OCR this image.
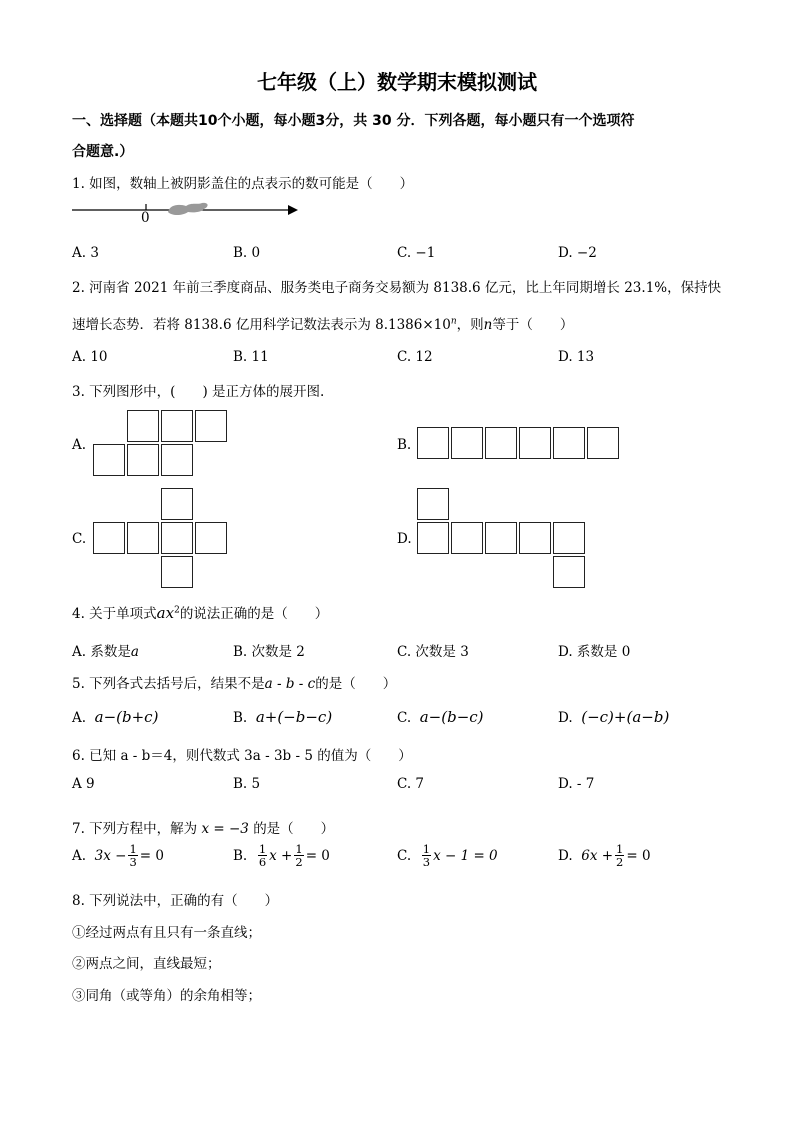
七年级（上）数学期末模拟测试
一、选择题（本题共10个小题，每小题3分，共 30 分．下列各题，每小题只有一个选项符
合题意.）
1. 如图，数轴上被阴影盖住的点表示的数可能是（　　）
0
A. 3	B. 0	C. −1	D. −2
2. 河南省 2021 年前三季度商品、服务类电子商务交易额为 8138.6 亿元，比上年同期增长 23.1%，保持快
速增长态势．若将 8138.6 亿用科学记数法表示为 $8.1386\times 10^n$，则n等于（　　）
A. 10	B. 11	C. 12	D. 13
3. 下列图形中，(　　) 是正方体的展开图.
A.	B.
C.	D.
4. 关于单项式$ax^2$的说法正确的是（　　）
A. 系数是a	B. 次数是 2	C. 次数是 3	D. 系数是 0
5. 下列各式去括号后，结果不是a - b - c的是（　　）
A. a−(b+c)	B. a+(−b−c)	C. a−(b−c)	D. (−c)+(a−b)
6. 已知 a - b＝4，则代数式 3a - 3b - 5 的值为（　　）
A 9	B. 5	C. 7	D. - 7
7. 下列方程中，解为 x = −3 的是（　　）
A.
$3x - \frac{1}{3} = 0$	B.
$\frac{1}{6}$ $x + \frac{1}{2} = 0$	C.
$\frac{1}{3}$ x − 1 = 0	D.
$6x + \frac{1}{2} = 0$
8. 下列说法中，正确的有（　　）
①经过两点有且只有一条直线；
②两点之间，直线最短；
③同角（或等角）的余角相等；
